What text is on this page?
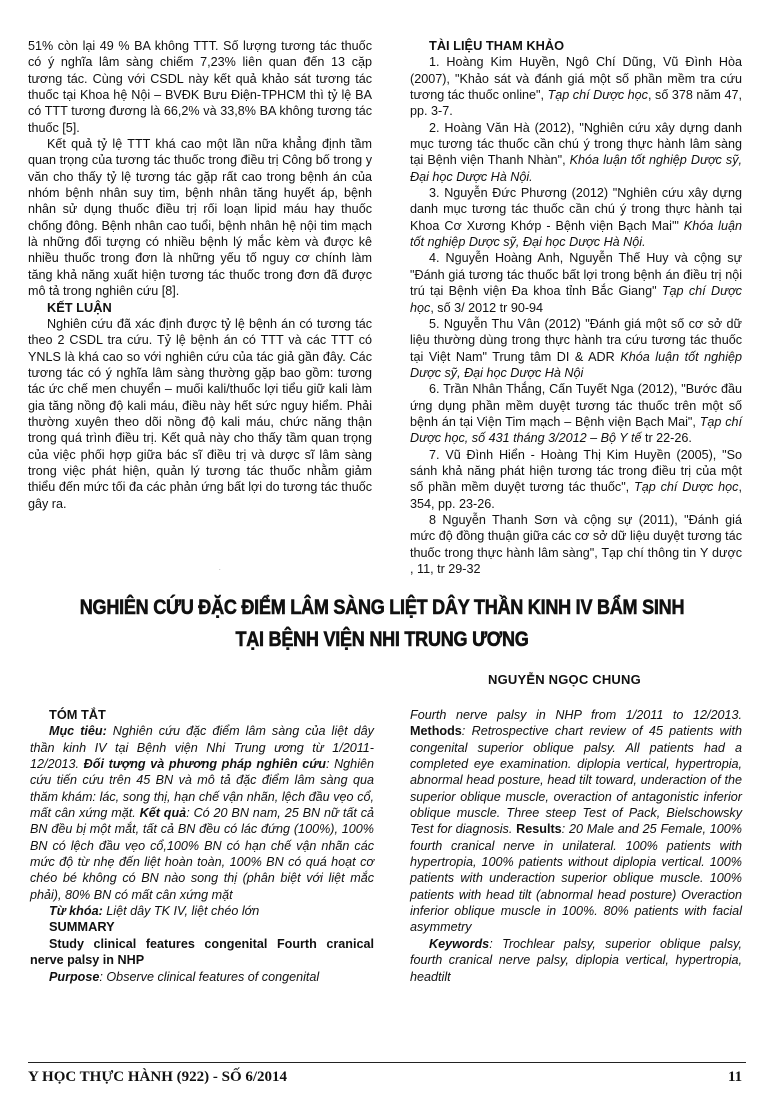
51% còn lại 49 % BA không TTT. Số lượng tương tác thuốc có ý nghĩa lâm sàng chiếm 7,23% liên quan đến 13 cặp tương tác. Cùng với CSDL này kết quả khảo sát tương tác thuốc tại Khoa hệ Nội – BVĐK Bưu Điện-TPHCM thì tỷ lệ BA có TTT tương đương là 66,2% và 33,8% BA không tương tác thuốc [5].

Kết quả tỷ lệ TTT khá cao một lần nữa khẳng định tầm quan trọng của tương tác thuốc trong điều trị Công bố trong y văn cho thấy tỷ lệ tương tác gặp rất cao trong bệnh án của nhóm bệnh nhân suy tim, bệnh nhân tăng huyết áp, bệnh nhân sử dụng thuốc điều trị rối loạn lipid máu hay thuốc chống đông. Bệnh nhân cao tuổi, bệnh nhân hệ nội tim mạch là những đối tượng có nhiều bệnh lý mắc kèm và được kê nhiều thuốc trong đơn là những yếu tố nguy cơ chính làm tăng khả năng xuất hiện tương tác thuốc trong đơn đã được mô tả trong nghiên cứu [8].

KẾT LUẬN

Nghiên cứu đã xác định được tỷ lệ bệnh án có tương tác theo 2 CSDL tra cứu. Tỷ lệ bệnh án có TTT và các TTT có YNLS là khá cao so với nghiên cứu của tác giả gần đây. Các tương tác có ý nghĩa lâm sàng thường gặp bao gồm: tương tác ức chế men chuyển – muối kali/thuốc lợi tiểu giữ kali làm gia tăng nồng độ kali máu, điều này hết sức nguy hiểm. Phải thường xuyên theo dõi nồng độ kali máu, chức năng thận trong quá trình điều trị. Kết quả này cho thấy tầm quan trọng của việc phối hợp giữa bác sĩ điều trị và dược sĩ lâm sàng trong việc phát hiện, quản lý tương tác thuốc nhằm giảm thiểu đến mức tối đa các phản ứng bất lợi do tương tác thuốc gây ra.

TÀI LIỆU THAM KHẢO

1. Hoàng Kim Huyền, Ngô Chí Dũng, Vũ Đình Hòa (2007), "Khảo sát và đánh giá một số phần mềm tra cứu tương tác thuốc online", Tạp chí Dược học, số 378 năm 47, pp. 3-7.

2. Hoàng Văn Hà (2012), "Nghiên cứu xây dựng danh mục tương tác thuốc cần chú ý trong thực hành lâm sàng tại Bệnh viện Thanh Nhàn", Khóa luận tốt nghiệp Dược sỹ, Đại học Dược Hà Nội.

3. Nguyễn Đức Phương (2012) "Nghiên cứu xây dựng danh mục tương tác thuốc cần chú ý trong thực hành tại Khoa Cơ Xương Khớp - Bệnh viện Bạch Mai'" Khóa luận tốt nghiệp Dược sỹ, Đại học Dược Hà Nội.

4. Nguyễn Hoàng Anh, Nguyễn Thế Huy và cộng sự "Đánh giá tương tác thuốc bất lợi trong bệnh án điều trị nội trú tại Bệnh viện Đa khoa tỉnh Bắc Giang" Tạp chí Dược học, số 3/ 2012 tr 90-94

5. Nguyễn Thu Vân (2012) "Đánh giá một số cơ sở dữ liệu thường dùng trong thực hành tra cứu tương tác thuốc tại Việt Nam" Trung tâm DI & ADR Khóa luận tốt nghiệp Dược sỹ, Đại học Dược Hà Nội

6. Trần Nhân Thắng, Cấn Tuyết Nga (2012), "Bước đầu ứng dụng phần mềm duyệt tương tác thuốc trên một số bệnh án tại Viện Tim mạch – Bệnh viện Bạch Mai", Tạp chí Dược học, số 431 tháng 3/2012 – Bộ Y tế tr 22-26.

7. Vũ Đình Hiển - Hoàng Thị Kim Huyền (2005), "So sánh khả năng phát hiện tương tác trong điều trị của một số phần mềm duyệt tương tác thuốc", Tạp chí Dược học, 354, pp. 23-26.

8 Nguyễn Thanh Sơn và cộng sự (2011), "Đánh giá mức độ đồng thuận giữa các cơ sở dữ liệu duyệt tương tác thuốc trong thực hành lâm sàng", Tạp chí thông tin Y dược , 11, tr 29-32

.
NGHIÊN CỨU ĐẶC ĐIỂM LÂM SÀNG LIỆT DÂY THẦN KINH IV BẨM SINH
TẠI BỆNH VIỆN NHI TRUNG ƯƠNG
NGUYỄN NGỌC CHUNG
TÓM TẮT

Mục tiêu: Nghiên cứu đặc điểm lâm sàng của liệt dây thần kinh IV tại Bệnh viện Nhi Trung ương từ 1/2011- 12/2013. Đối tượng và phương pháp nghiên cứu: Nghiên cứu tiến cứu trên 45 BN và mô tả đặc điểm lâm sàng qua thăm khám: lác, song thị, hạn chế vận nhãn, lệch đầu vẹo cổ, mất cân xứng mặt. Kết quả: Có 20 BN nam, 25 BN nữ tất cả BN đều bị một mắt, tất cả BN đều có lác đứng (100%), 100% BN có lệch đầu vẹo cổ,100% BN có hạn chế vận nhãn các mức độ từ nhẹ đến liệt hoàn toàn, 100% BN có quá hoạt cơ chéo bé không có BN nào song thị (phân biệt với liệt mắc phải), 80% BN có mất cân xứng mặt

Từ khóa: Liệt dây TK IV, liệt chéo lớn

SUMMARY

Study clinical features congenital Fourth cranical nerve palsy in NHP

Purpose: Observe clinical features of congenital

Fourth nerve palsy in NHP from 1/2011 to 12/2013. Methods: Retrospective chart review of 45 patients with congenital superior oblique palsy. All patients had a completed eye examination. diplopia vertical, hypertropia, abnormal head posture, head tilt toward, underaction of the superior oblique muscle, overaction of antagonistic inferior oblique muscle. Three steep Test of Pack, Bielschowsky Test for diagnosis. Results: 20 Male and 25 Female, 100% fourth cranical nerve in unilateral. 100% patients with hypertropia, 100% patients without diplopia vertical. 100% patients with underaction superior oblique muscle. 100% patients with head tilt (abnormal head posture) Overaction inferior oblique muscle in 100%. 80% patients with facial asymmetry

Keywords: Trochlear palsy, superior oblique palsy, fourth cranical nerve palsy, diplopia vertical, hypertropia, headtilt

Y HỌC THỰC HÀNH (922) - SỐ 6/2014	11
